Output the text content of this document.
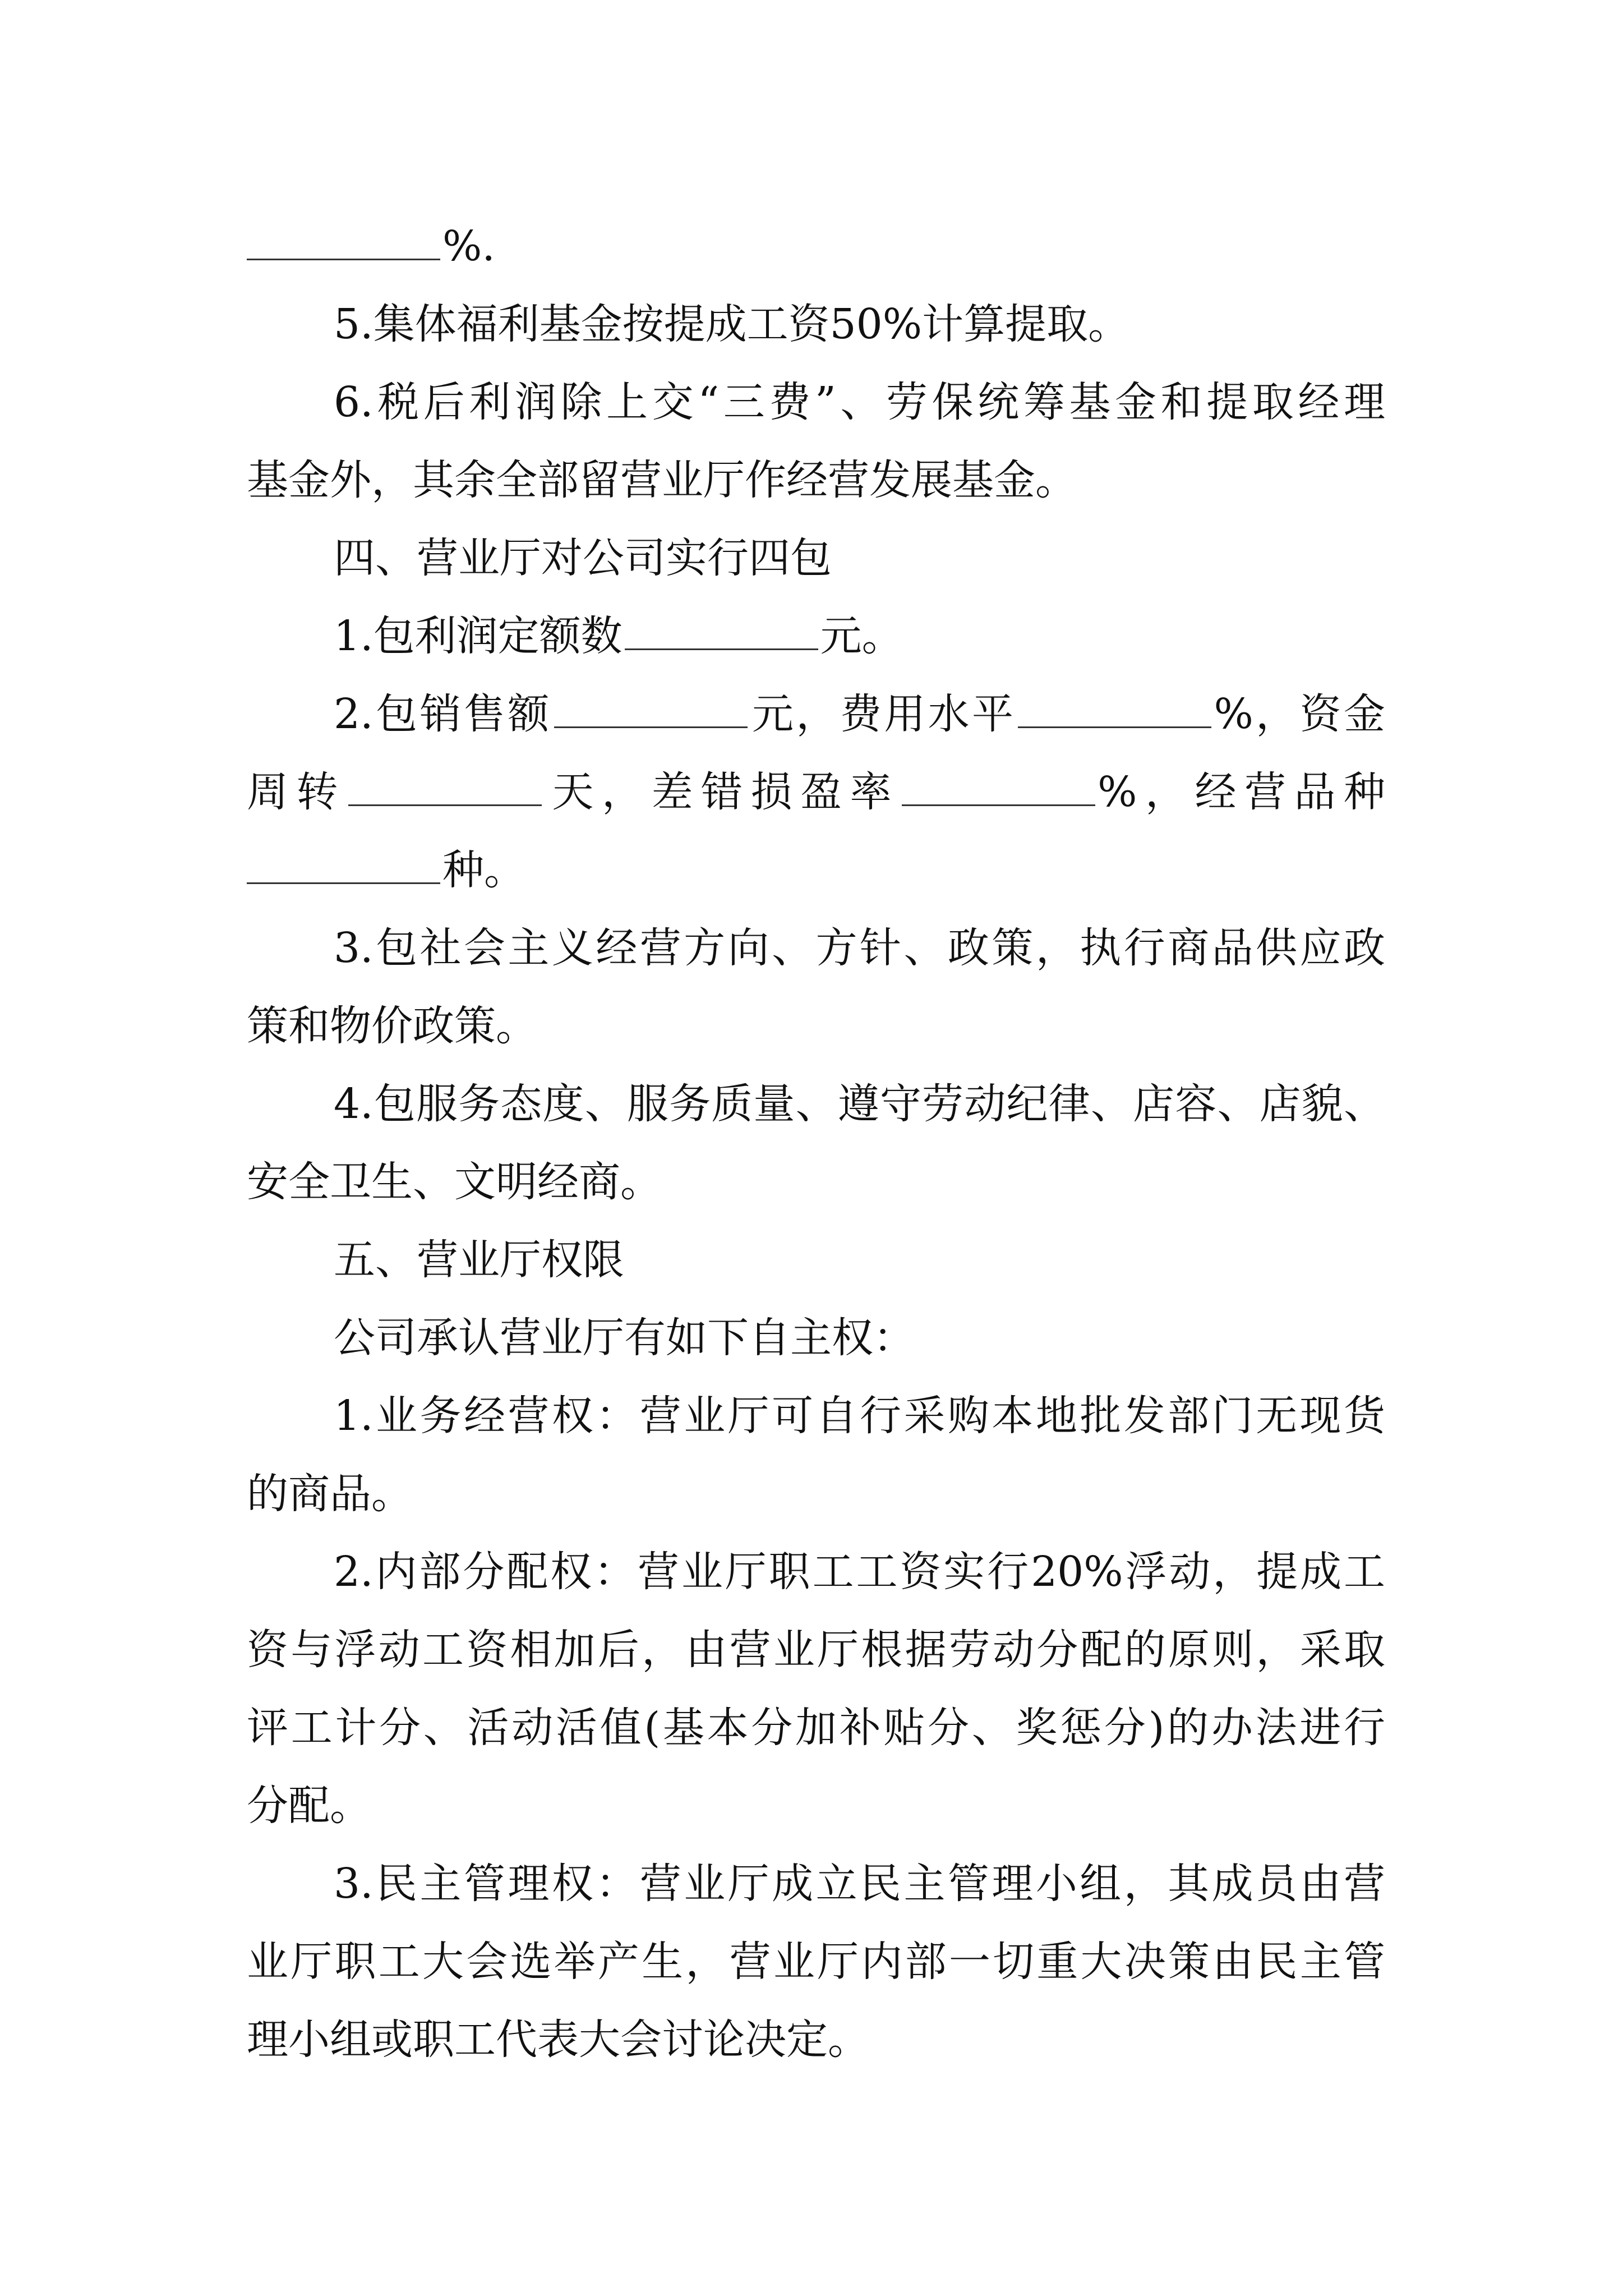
%.
5.集体福利基金按提成工资50%计算提取。
6.税后利润除上交“三费”、劳保统筹基金和提取经理
基金外，其余全部留营业厅作经营发展基金。
四、营业厅对公司实行四包
1.包利润定额数	元。
2.包销售额	元，费用水平	%，资金
周转	天，差错损盈率	%，经营品种
种。
3.包社会主义经营方向、方针、政策，执行商品供应政
策和物价政策。
4.包服务态度、服务质量、遵守劳动纪律、店容、店貌、
安全卫生、文明经商。
五、营业厅权限
公司承认营业厅有如下自主权：
1.业务经营权：营业厅可自行采购本地批发部门无现货
的商品。
2.内部分配权：营业厅职工工资实行20%浮动，提成工
资与浮动工资相加后，由营业厅根据劳动分配的原则，采取
评工计分、活动活值(基本分加补贴分、奖惩分)的办法进行
分配。
3.民主管理权：营业厅成立民主管理小组，其成员由营
业厅职工大会选举产生，营业厅内部一切重大决策由民主管
理小组或职工代表大会讨论决定。
